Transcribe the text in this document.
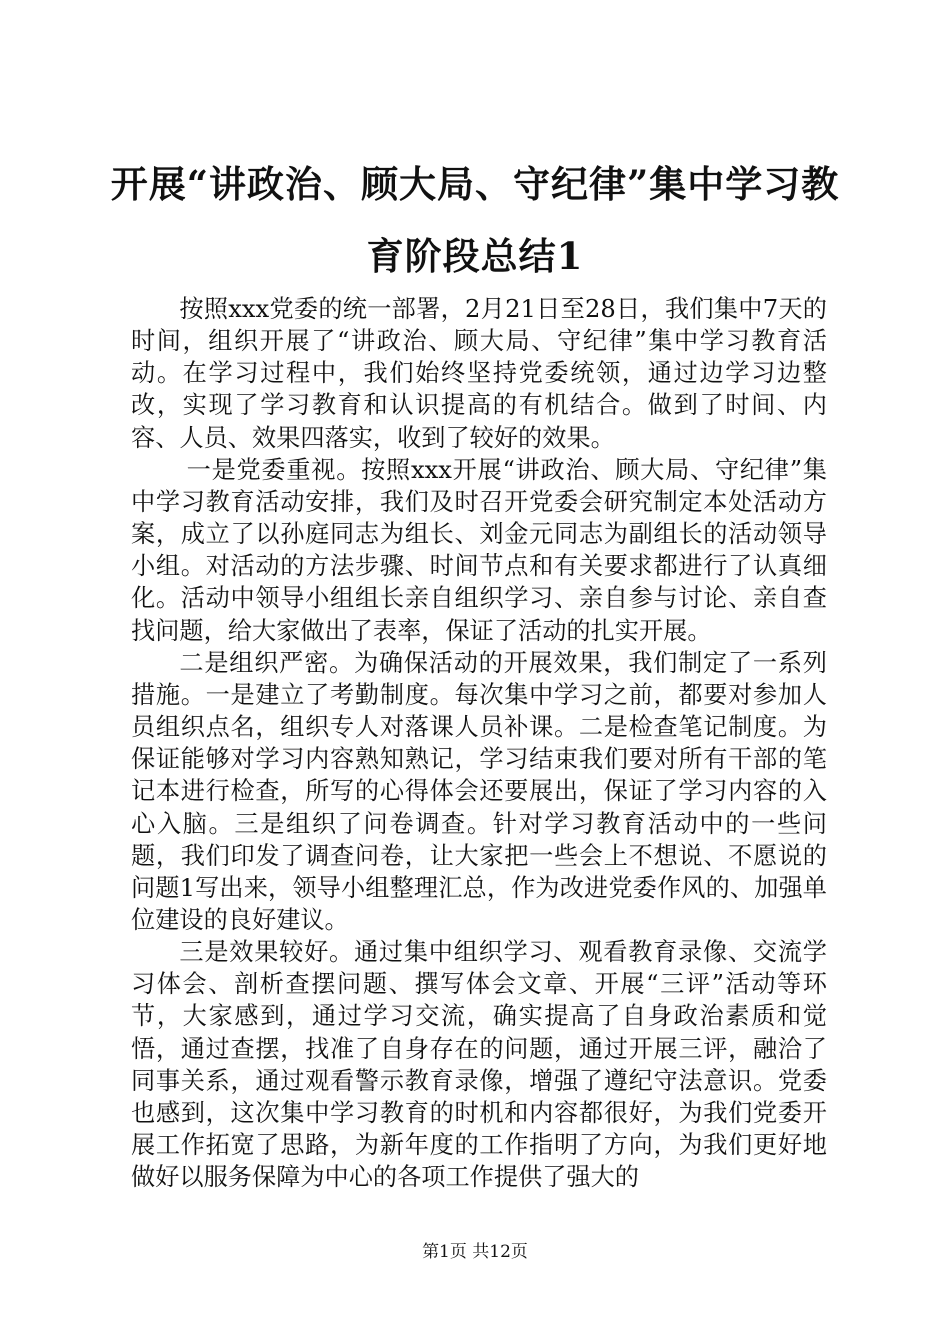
开展“讲政治、顾大局、守纪律”集中学习教育阶段总结1

按照xxx党委的统一部署，2月21日至28日，我们集中7天的时间，组织开展了“讲政治、顾大局、守纪律”集中学习教育活动。在学习过程中，我们始终坚持党委统领，通过边学习边整改，实现了学习教育和认识提高的有机结合。做到了时间、内容、人员、效果四落实，收到了较好的效果。

一是党委重视。按照xxx开展“讲政治、顾大局、守纪律”集中学习教育活动安排，我们及时召开党委会研究制定本处活动方案，成立了以孙庭同志为组长、刘金元同志为副组长的活动领导小组。对活动的方法步骤、时间节点和有关要求都进行了认真细化。活动中领导小组组长亲自组织学习、亲自参与讨论、亲自查找问题，给大家做出了表率，保证了活动的扎实开展。

二是组织严密。为确保活动的开展效果，我们制定了一系列措施。一是建立了考勤制度。每次集中学习之前，都要对参加人员组织点名，组织专人对落课人员补课。二是检查笔记制度。为保证能够对学习内容熟知熟记，学习结束我们要对所有干部的笔记本进行检查，所写的心得体会还要展出，保证了学习内容的入心入脑。三是组织了问卷调查。针对学习教育活动中的一些问题，我们印发了调查问卷，让大家把一些会上不想说、不愿说的问题1写出来，领导小组整理汇总，作为改进党委作风的、加强单位建设的良好建议。

三是效果较好。通过集中组织学习、观看教育录像、交流学习体会、剖析查摆问题、撰写体会文章、开展“三评”活动等环节，大家感到，通过学习交流，确实提高了自身政治素质和觉悟，通过查摆，找准了自身存在的问题，通过开展三评，融洽了同事关系，通过观看警示教育录像，增强了遵纪守法意识。党委也感到，这次集中学习教育的时机和内容都很好，为我们党委开展工作拓宽了思路，为新年度的工作指明了方向，为我们更好地做好以服务保障为中心的各项工作提供了强大的

第1页 共12页
